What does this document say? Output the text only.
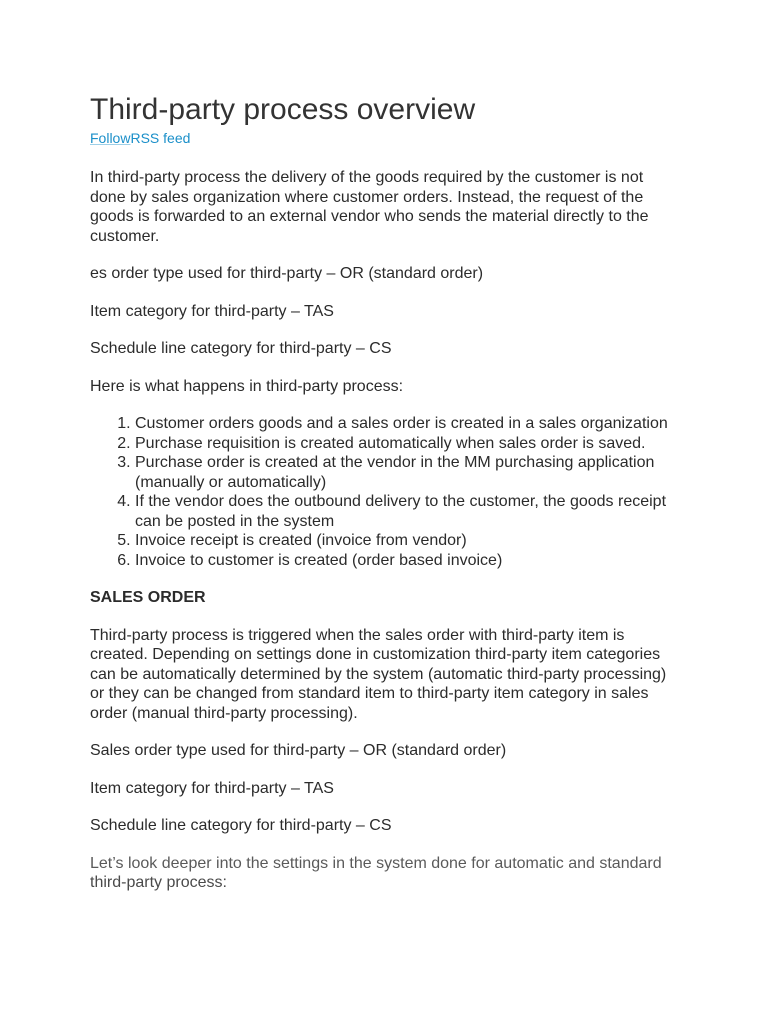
Third-party process overview
FollowRSS feed

In third-party process the delivery of the goods required by the customer is not done by sales organization where customer orders. Instead, the request of the goods is forwarded to an external vendor who sends the material directly to the customer.

es order type used for third-party – OR (standard order)

Item category for third-party – TAS

Schedule line category for third-party – CS

Here is what happens in third-party process:

1. Customer orders goods and a sales order is created in a sales organization
2. Purchase requisition is created automatically when sales order is saved.
3. Purchase order is created at the vendor in the MM purchasing application (manually or automatically)
4. If the vendor does the outbound delivery to the customer, the goods receipt can be posted in the system
5. Invoice receipt is created (invoice from vendor)
6. Invoice to customer is created (order based invoice)

SALES ORDER

Third-party process is triggered when the sales order with third-party item is created. Depending on settings done in customization third-party item categories can be automatically determined by the system (automatic third-party processing) or they can be changed from standard item to third-party item category in sales order (manual third-party processing).

Sales order type used for third-party – OR (standard order)

Item category for third-party – TAS

Schedule line category for third-party – CS

Let’s look deeper into the settings in the system done for automatic and standard third-party process:
